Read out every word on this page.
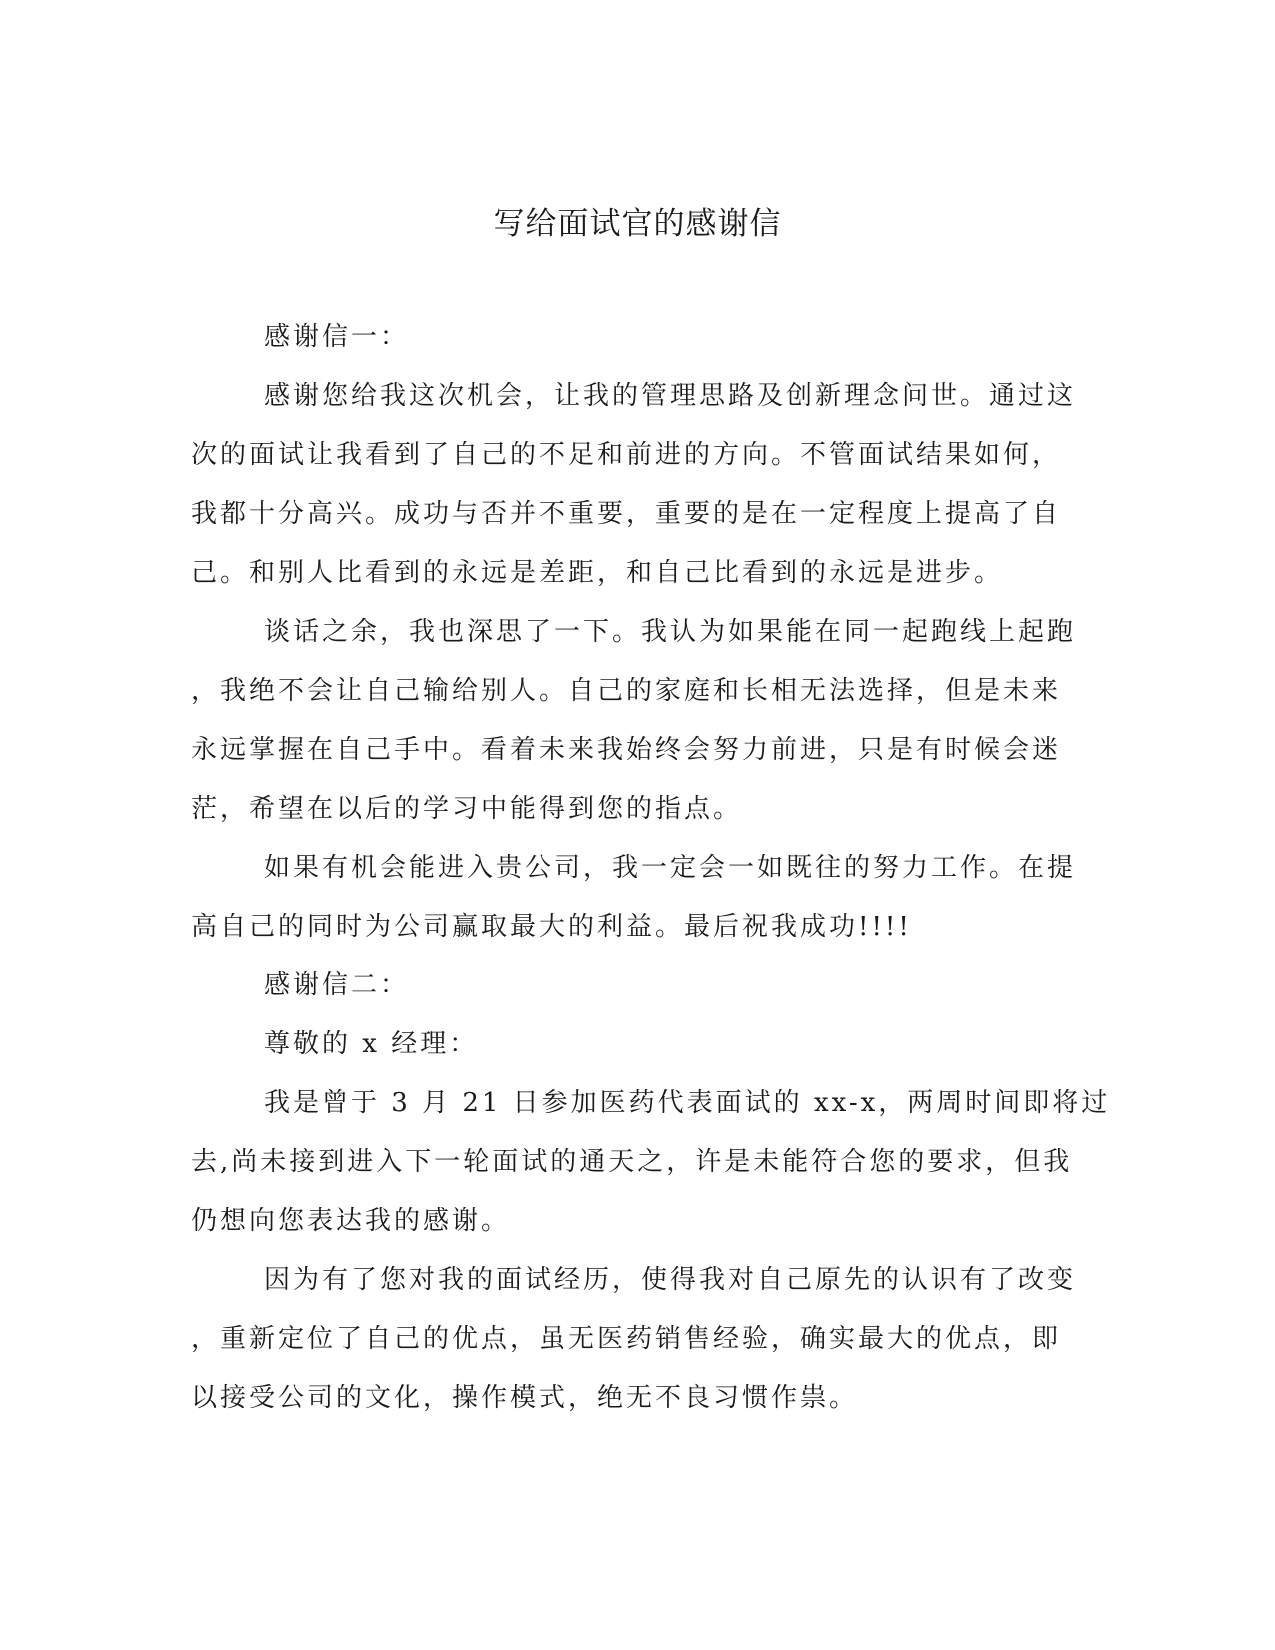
写给面试官的感谢信

感谢信一：

感谢您给我这次机会，让我的管理思路及创新理念问世。通过这

次的面试让我看到了自己的不足和前进的方向。不管面试结果如何，

我都十分高兴。成功与否并不重要，重要的是在一定程度上提高了自

己。和别人比看到的永远是差距，和自己比看到的永远是进步。

谈话之余，我也深思了一下。我认为如果能在同一起跑线上起跑

，我绝不会让自己输给别人。自己的家庭和长相无法选择，但是未来

永远掌握在自己手中。看着未来我始终会努力前进，只是有时候会迷

茫，希望在以后的学习中能得到您的指点。

如果有机会能进入贵公司，我一定会一如既往的努力工作。在提

高自己的同时为公司赢取最大的利益。最后祝我成功!!!!

感谢信二：

尊敬的 x 经理：

我是曾于 3 月 21 日参加医药代表面试的 xx-x，两周时间即将过

去,尚未接到进入下一轮面试的通天之，许是未能符合您的要求，但我

仍想向您表达我的感谢。

因为有了您对我的面试经历，使得我对自己原先的认识有了改变

，重新定位了自己的优点，虽无医药销售经验，确实最大的优点，即

以接受公司的文化，操作模式，绝无不良习惯作祟。
